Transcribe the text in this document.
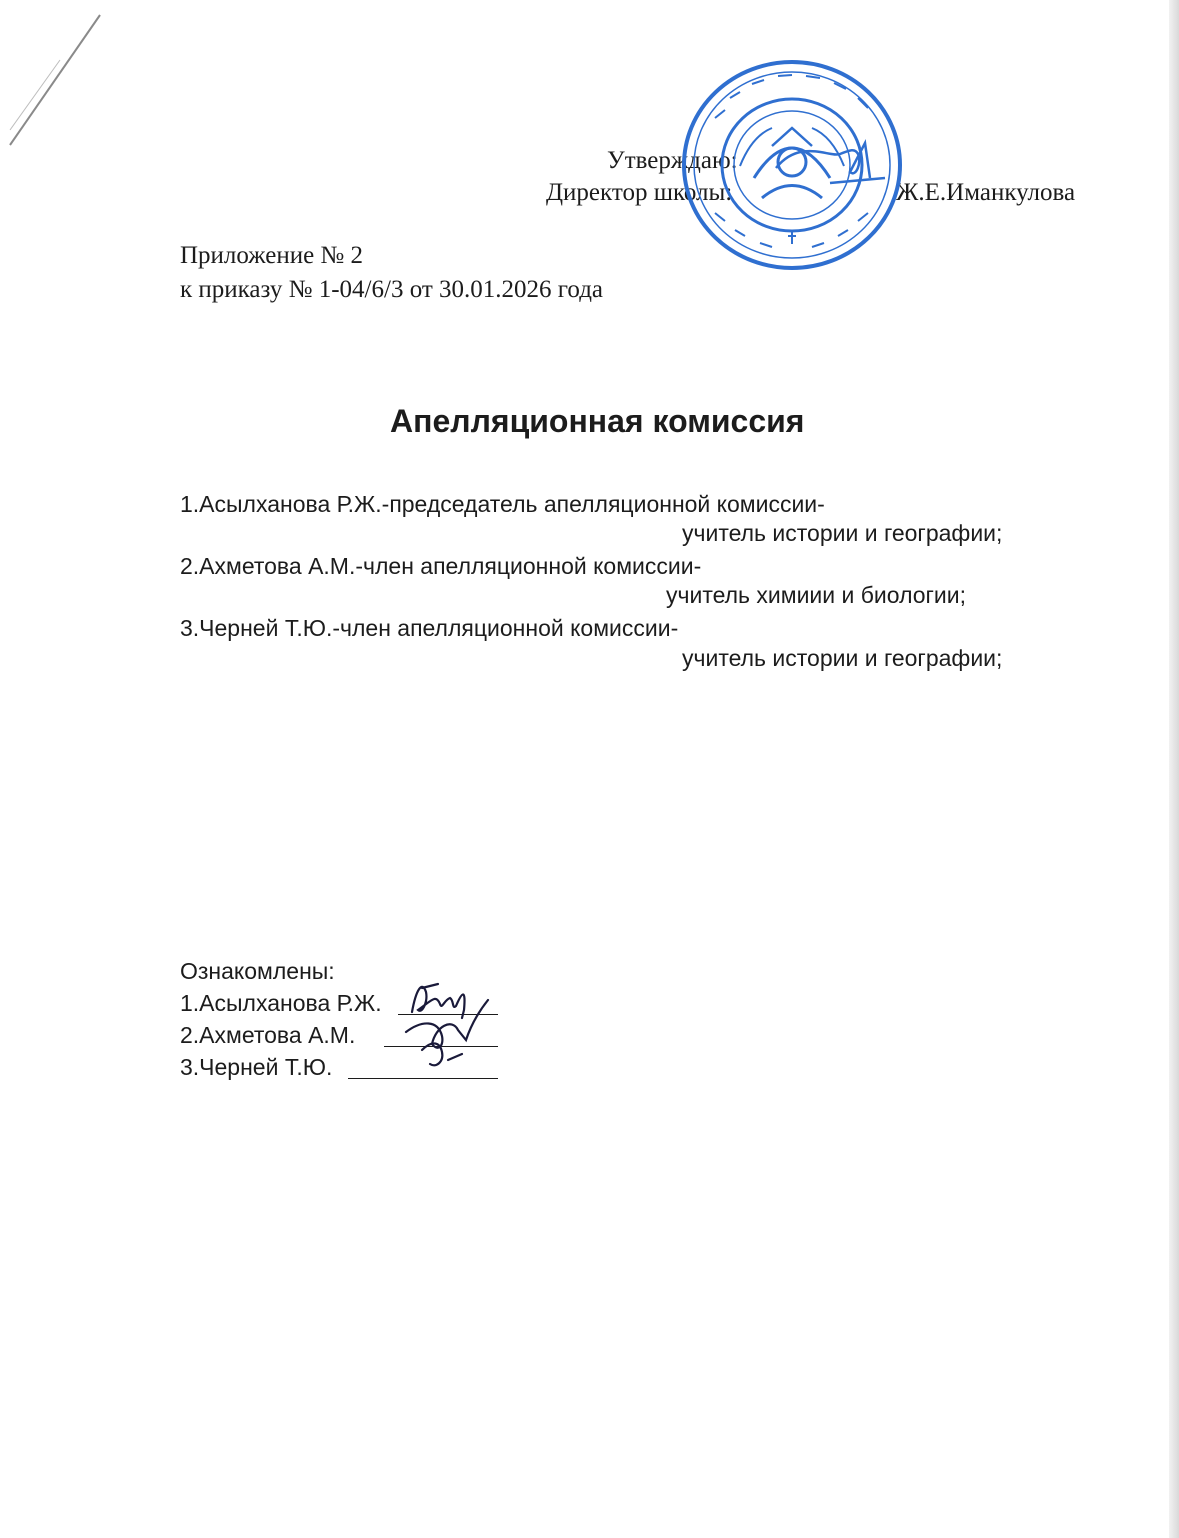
Утверждаю:
Директор школы:	Ж.Е.Иманкулова
Приложение № 2
к приказу № 1-04/6/3 от 30.01.2026 года
Апелляционная комиссия
1.Асылханова Р.Ж.-председатель апелляционной комиссии-
учитель истории и географии;
2.Ахметова А.М.-член апелляционной комиссии-
учитель химиии и биологии;
3.Черней Т.Ю.-член апелляционной комиссии-
учитель истории и географии;
Ознакомлены:
1.Асылханова Р.Ж.
2.Ахметова А.М.
3.Черней Т.Ю.
